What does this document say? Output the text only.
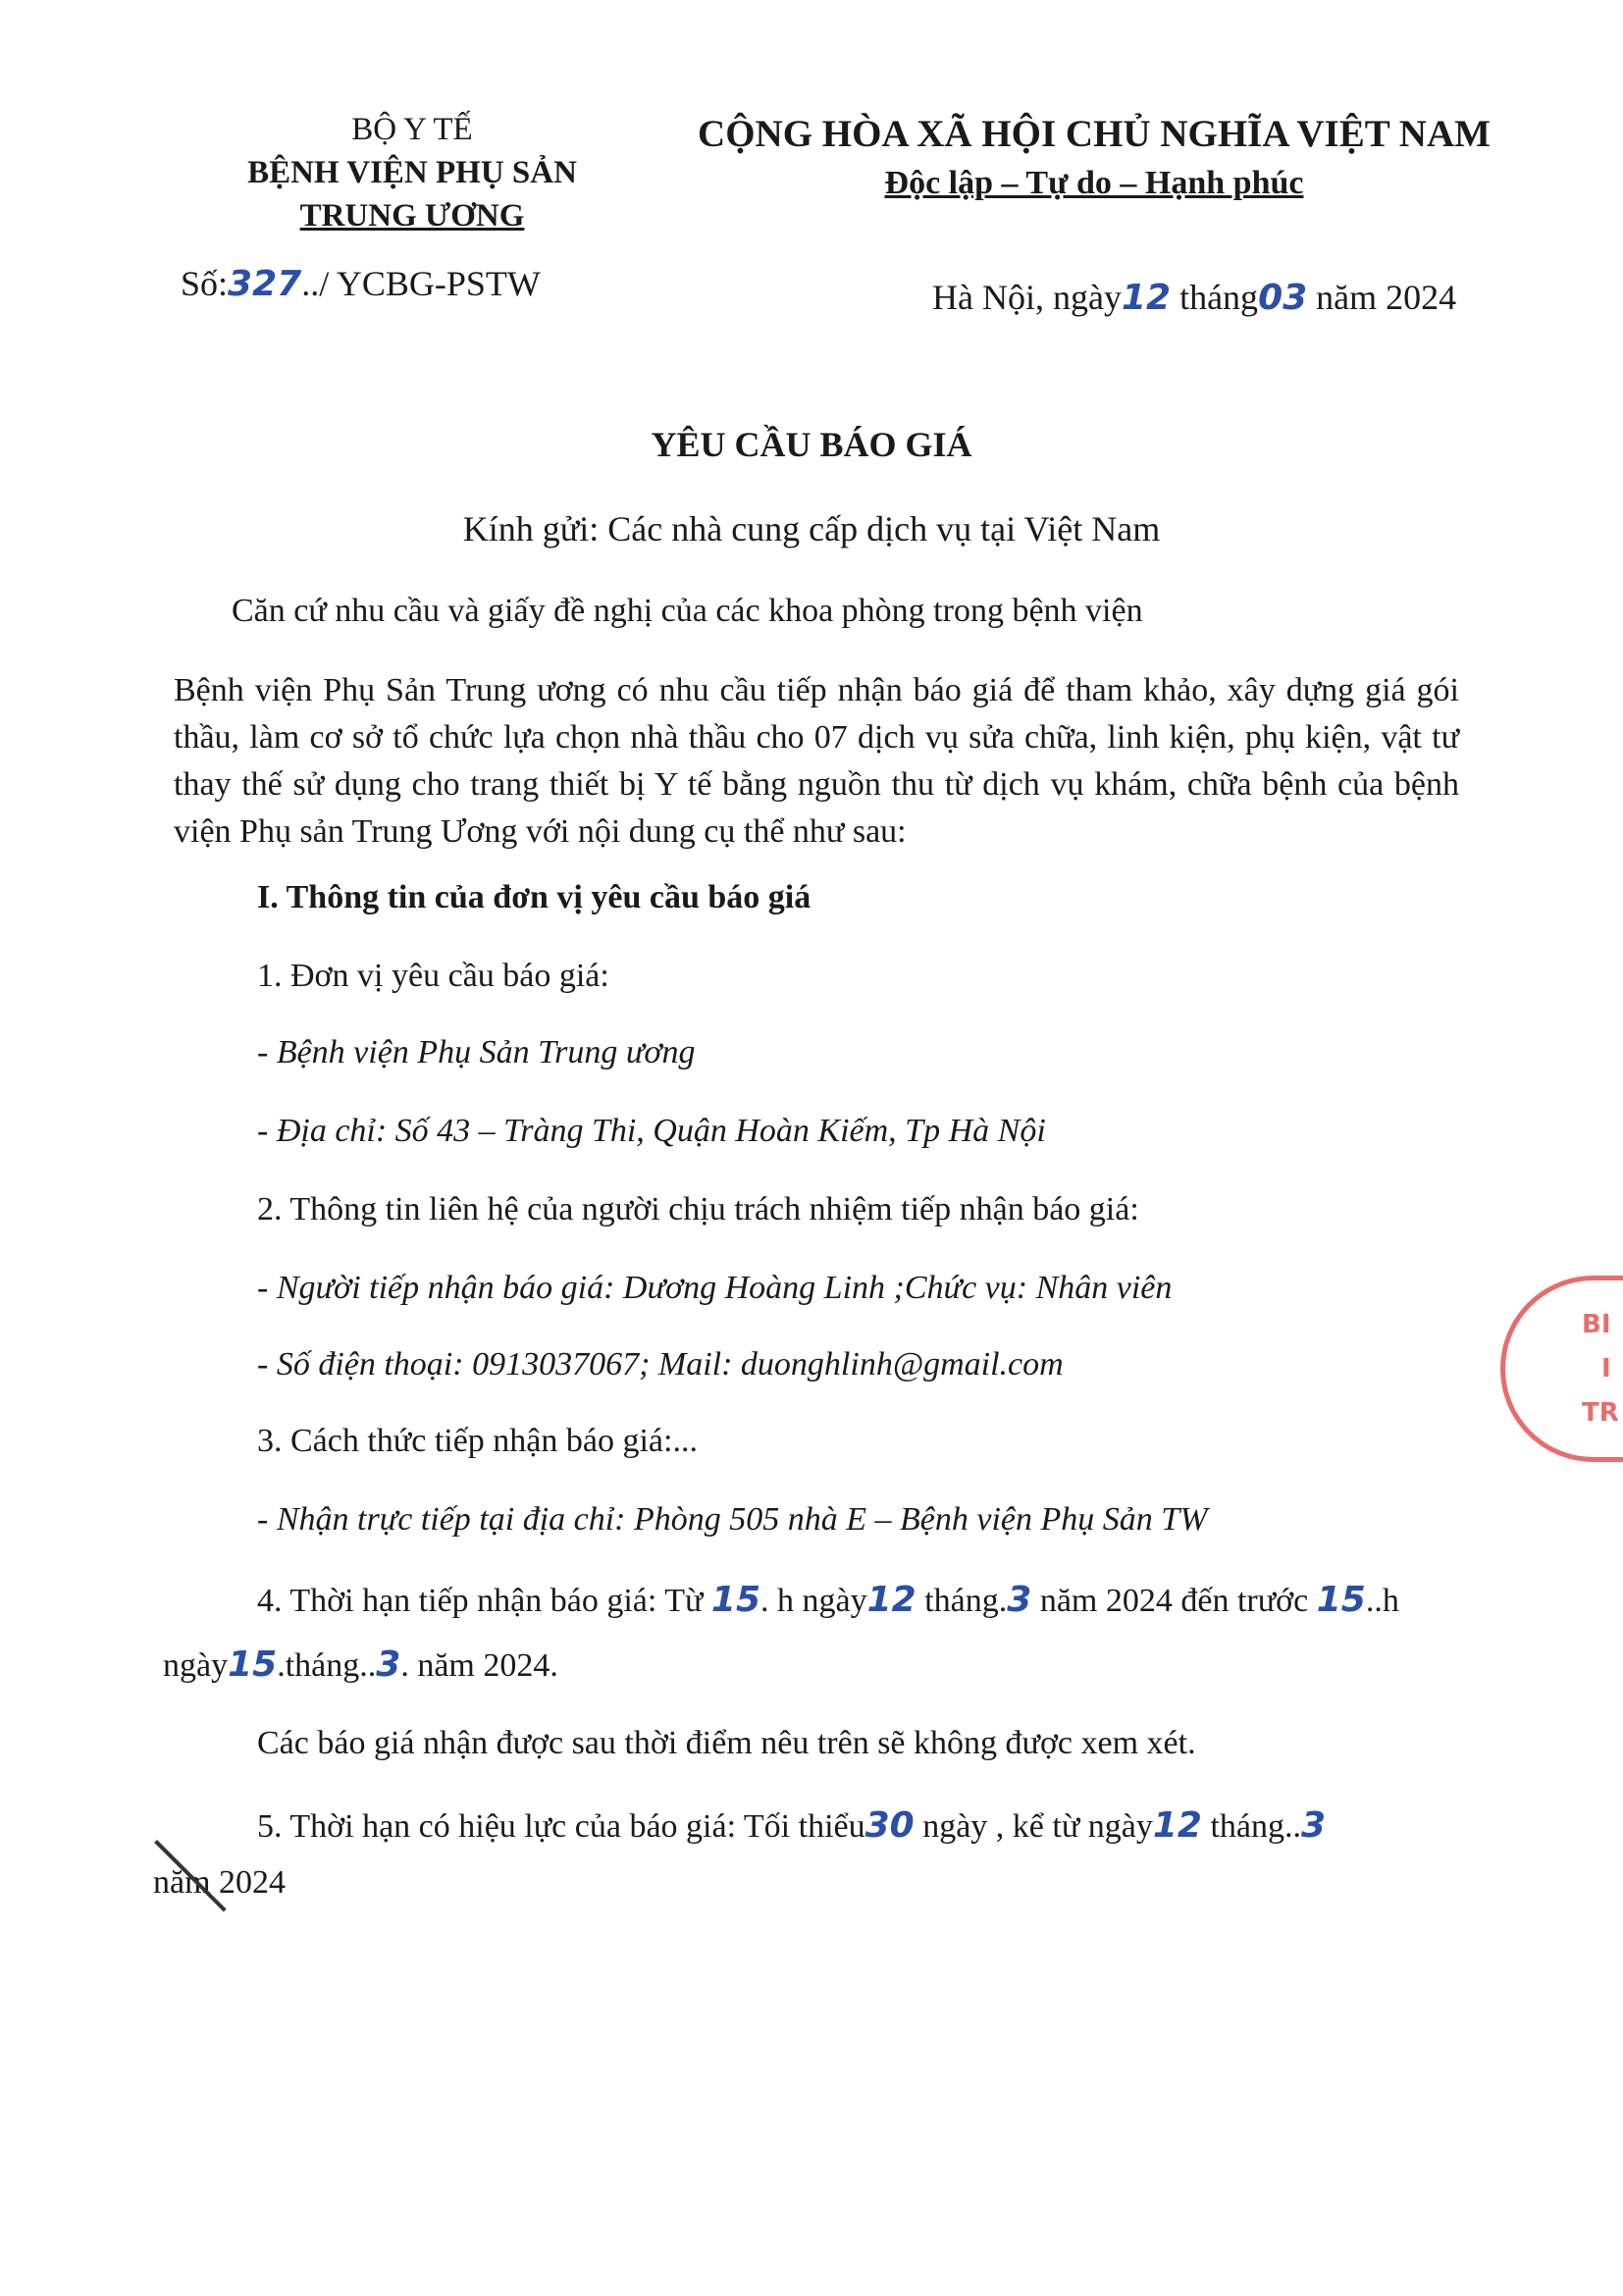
BỘ Y TẾ
BỆNH VIỆN PHỤ SẢN
TRUNG ƯƠNG
CỘNG HÒA XÃ HỘI CHỦ NGHĨA VIỆT NAM
Độc lập – Tự do – Hạnh phúc
Số:327../ YCBG-PSTW	Hà Nội, ngày12 tháng03 năm 2024
YÊU CẦU BÁO GIÁ
Kính gửi: Các nhà cung cấp dịch vụ tại Việt Nam
Căn cứ nhu cầu và giấy đề nghị của các khoa phòng trong bệnh viện
Bệnh viện Phụ Sản Trung ương có nhu cầu tiếp nhận báo giá để tham khảo, xây dựng giá gói thầu, làm cơ sở tổ chức lựa chọn nhà thầu cho 07 dịch vụ sửa chữa, linh kiện, phụ kiện, vật tư thay thế sử dụng cho trang thiết bị Y tế bằng nguồn thu từ dịch vụ khám, chữa bệnh của bệnh viện Phụ sản Trung Ương với nội dung cụ thể như sau:
I. Thông tin của đơn vị yêu cầu báo giá
1. Đơn vị yêu cầu báo giá:
- Bệnh viện Phụ Sản Trung ương
- Địa chỉ: Số 43 – Tràng Thi, Quận Hoàn Kiếm, Tp Hà Nội
2. Thông tin liên hệ của người chịu trách nhiệm tiếp nhận báo giá:
- Người tiếp nhận báo giá: Dương Hoàng Linh ;Chức vụ: Nhân viên
- Số điện thoại: 0913037067; Mail: duonghlinh@gmail.com
3. Cách thức tiếp nhận báo giá:...
- Nhận trực tiếp tại địa chỉ: Phòng 505 nhà E – Bệnh viện Phụ Sản TW
4. Thời hạn tiếp nhận báo giá: Từ 15. h ngày12 tháng.3 năm 2024 đến trước 15..h
ngày15.tháng..3. năm 2024.
Các báo giá nhận được sau thời điểm nêu trên sẽ không được xem xét.
5. Thời hạn có hiệu lực của báo giá: Tối thiểu30 ngày , kể từ ngày12 tháng..3
năm 2024
BI
I
TR
